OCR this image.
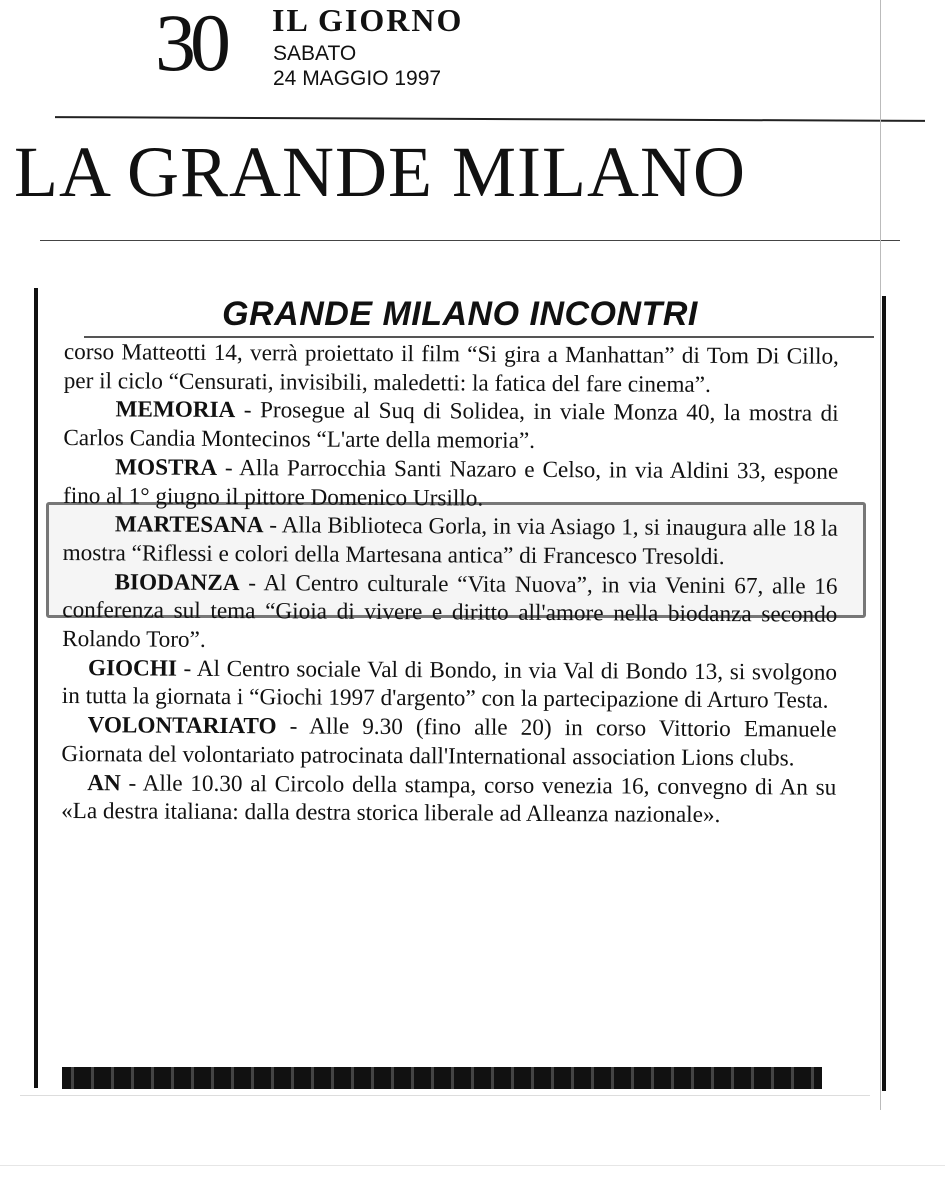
30 IL GIORNO
SABATO
24 MAGGIO 1997
LA GRANDE MILANO
GRANDE MILANO INCONTRI

corso Matteotti 14, verrà proiettato il film “Si gira a Manhattan” di Tom Di Cillo, per il ciclo “Censurati, invisibili, maledetti: la fatica del fare cinema”.

MEMORIA - Prosegue al Suq di Solidea, in viale Monza 40, la mostra di Carlos Candia Montecinos “L'arte della memoria”.

MOSTRA - Alla Parrocchia Santi Nazaro e Celso, in via Aldini 33, espone fino al 1° giugno il pittore Domenico Ursillo.

MARTESANA - Alla Biblioteca Gorla, in via Asiago 1, si inaugura alle 18 la mostra “Riflessi e colori della Martesana antica” di Francesco Tresoldi.

BIODANZA - Al Centro culturale “Vita Nuova”, in via Venini 67, alle 16 conferenza sul tema “Gioia di vivere e diritto all'amore nella biodanza secondo Rolando Toro”.

GIOCHI - Al Centro sociale Val di Bondo, in via Val di Bondo 13, si svolgono in tutta la giornata i “Giochi 1997 d'argento” con la partecipazione di Arturo Testa.

VOLONTARIATO - Alle 9.30 (fino alle 20) in corso Vittorio Emanuele Giornata del volontariato patrocinata dall'International association Lions clubs.

AN - Alle 10.30 al Circolo della stampa, corso venezia 16, convegno di An su «La destra italiana: dalla destra storica liberale ad Alleanza nazionale».
